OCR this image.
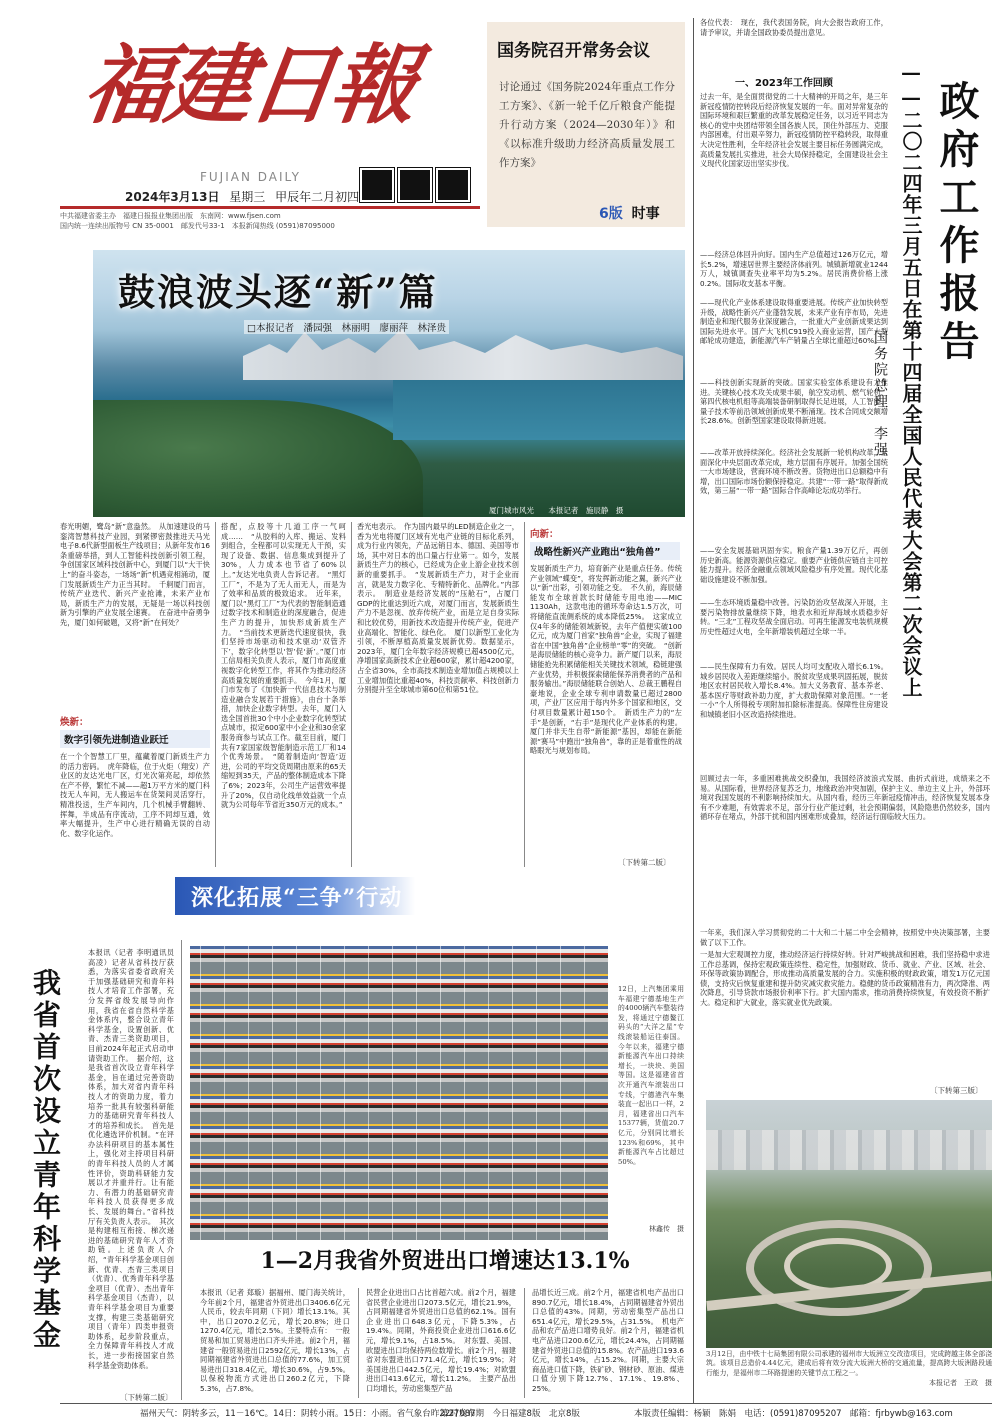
福建日報
FUJIAN DAILY
2024年3月13日 星期三 甲辰年二月初四
中共福建省委主办　福建日报报业集团出版　东南网：www.fjsen.com
国内统一连续出版物号 CN 35-0001　邮发代号33-1　本报新闻热线 (0591)87095000
国务院召开常务会议
讨论通过《国务院2024年重点工作分工方案》、《新一轮千亿斤粮食产能提升行动方案（2024—2030年）》和《以标准升级助力经济高质量发展工作方案》
6版 时事
厦门城市风光 本报记者　施辰静　摄
鼓浪波头逐“新”篇
□本报记者　潘园强　林丽明　廖丽萍　林泽贵
春光明媚，鹭岛“新”意盎然。　从加速建设的马銮湾智慧科技产业园，到紧锣密鼓推进天马光电子8.6代新型面板生产线项目；从新年发布16条重磅举措，到人工智能科技创新引领工程，争创国家区域科技创新中心，到厦门以“大干快上”的奋斗姿态，一场场“新”机遇竞相涌动，厦门发展新质生产力正当其时。　千舸厦门而言，传统产业迭代、新兴产业抢滩，未来产业布局，新质生产力的发展，无疑是一场以科技创新为引擎的产业发展全速赛。　在奋进中奋勇争先，厦门如何破题，又将“新”在何处？
焕新：
数字引领先进制造业跃迁
在一个个智慧工厂里，蕴藏着厦门新质生产力的活力密码。　虎年降临，位于火炬（翔安）产业区的友达光电厂区，灯光次第亮起，却依然在产不停，繁忙不减——超1万平方米的厦门科技无人车间，无人搬运车在货架间灵活穿行，精准投送，生产车间内，几个机械手臂翻转、挥舞，半成品有序流动，工序不同却互通，效率大幅提升，生产中心进行精确无误的自动化、数字化运作。
搭配，点胶等十几道工序一气呵成……　“从胶料的入库、搬运、发料到组合，全程都可以实现无人干预，实现了设备、数据、信息集成到提升了30%，人力成本也节省了60%以上。”友达光电负责人告诉记者。　“黑灯工厂”，不是为了无人而无人，而是为了效率和品质的极致追求。　近年来，厦门以“黑灯工厂”为代表的智能制造通过数字技术和制造业的深度融合，促进生产力的提升，加快形成新质生产力。　“当前技术更新迭代速度很快，我们坚持市场驱动和技术驱动‘双管齐下’，数字化转型以‘智’促‘新’。”厦门市工信局相关负责人表示，厦门市高度重视数字化转型工作，将其作为推动经济高质量发展的重要抓手。　今年1月，厦门市发布了《加快新一代信息技术与制造业融合发展若干措施》，由台十条举措，加快企业数字转型。去年，厦门入选全国首批30个中小企业数字化转型试点城市，拟定600家中小企业和30余家服务商参与试点工作。截至目前，厦门共有7家国家级智能制造示范工厂和14个优秀场景。　“随着制造向‘智造’迈进，公司的平均交货周期由原来的65天缩短到35天，产品的整体制造成本下降了6%；2023年，公司生产运营效率提升了20%，仅自动化线单效益就一个点就为公司每年节省近350万元的成本。”
香光电表示。　作为国内最早的LED制造企业之一，香为光电将厦门区域有光电产业链的目标化系列，成为行业内领先，产品远销日本、德国、美国等市场，其中对日本的出口量占行业第一。如今，发展新质生产力的核心，已经成为企业上游企业技术创新的重要抓手。　“发展新质生产力，对于企业而言，就是发力数字化、专精特新化、品牌化。”内部表示。　制造业是经济发展的“压舱石”，占厦门GDP的比重达到近六成，对厦门而言，发展新质生产力不是忽视、放弃传统产业，而是立足自身实际和比较优势，用新技术改造提升传统产业，促进产业高端化、智能化、绿色化。　厦门以新型工业化为引领，不断厚植高质量发展新优势。数据显示，2023年，厦门全年数字经济规模已超4500亿元，净增国家高新技术企业超600家，累计超4200家，占全省30%，全市高技术制造业增加值占规模以上工业增加值比重超40%，科技贡献率、科技创新力分别提升至全球城市第60位和第51位。
向新：
战略性新兴产业跑出“独角兽”
发展新质生产力，培育新产业是重点任务。传统产业领域“蝶变”，将发挥新动能之翼，新兴产业以“新”出彩，引领功能之变。　不久前，海辰储能发布全球首款长时储能专用电池——MIC 1130Ah，这款电池的循环寿命达1.5万次，可将储能直流侧系统的成本降低25%。　这家成立仅4年多的储能领域新锐，去年产值便实破100亿元，成为厦门首家“独角兽”企业，实现了福建省在中国“独角兽”企业榜单“零”的突破。　“创新是海辰储能的核心竞争力。新产厦门以来，海辰储能抢先积累储能相关关键技术领域，稳链建强产业优势，并积极探索储能保养消费者的产品和服务输出。”海辰储能联合创始人、总裁王鹏程自豪地说，企业全球专利申请数量已超过2800项，产业厂区应用于每内外多个国家和地区，交付项目数量累计超150个。　新质生产力的“左手”是创新，“右手”是现代化产业体系的构建。厦门并非天生自带“新能源”基因，却能在新能源“赛马”中跑出“独角兽”，靠的正是着重性的战略眼光与规划布局。
〔下转第二版〕
深化拓展“三争”行动
我省首次设立青年科学基金
本报讯（记者 李明通讯员 高凌）记者从省科技厅获悉，为落实省委省政府关于加强基础研究和青年科技人才培育工作部署，充分发挥省级发展导向作用，我省在省自然科学基金体系内，整合设立青年科学基金，设置创新、优青、杰青三类资助项目，目前2024年起正式启动申请资助工作。　据介绍，这是我省首次设立青年科学基金，旨在通过完善资助体系，加大对省内青年科技人才的资助力度，着力培养一批具有较强科研能力的基础研究青年科技人才的培养和成长。　首先是优化遴选评价机制。“在评办法科研项目的基本属性上，强化对主持项目科研的青年科技人员的人才属性评价，资助科研能力发展以才并重并行。让有能力、有潜力的基础研究青年科技人员获得更多成长、发展的舞台。”省科技厅有关负责人表示。　其次是构建相互衔接、梯次递进的基础研究青年人才资助链。上述负责人介绍，“青年科学基金项目创新、优青、杰青三类项目（优青）、优秀青年科学基金项目（优青）、杰出青年科学基金项目（杰青），以青年科学基金项目为重要支撑，构建三类基础研究项目（青年）四类申报资助体系，起步阶段重点，全力保障青年科技人才成长，进一步衔接国家自然科学基金资助体系。
〔下转第二版〕
12日，上汽集团乘用车福建宁德基地生产的4000辆汽车整装待发，将通过宁德鳌江码头的“大洋之星”专线滚装船运往泰国。今年以来，福建宁德新能源汽车出口持续增长，一块块、美国等国。这是福建省首次开通汽车滚装出口专线，宁德港汽车集装直一起出口一样，2月，福建省出口汽车15377辆，货值20.7亿元，分别同比增长123%和69%，其中新能源汽车占比超过50%。
林鑫传　摄
1—2月我省外贸进出口增速达13.1%
本报讯（记者 郑璇）据福州、厦门海关统计，今年前2个月，福建省外贸进出口3406.6亿元人民币，较去年同期（下同）增长13.1%。其中，出口2070.2亿元，增长20.8%；进口1270.4亿元，增长2.5%。主要特点有：　一般贸易和加工贸易进出口齐头并进。前2个月，福建省一般贸易进出口2592亿元，增长13%，占同期福建省外贸进出口总值的77.6%，加工贸易进出口318.4亿元，增长30.6%，占9.5%。以保税物流方式进出口260.2亿元，下降5.3%，占7.8%。
民营企业进出口占比首超六成。前2个月，福建省民营企业进出口2073.5亿元，增长21.9%，占同期福建省外贸进出口总值的62.1%。国有企业进出口648.3亿元，下降5.3%，占19.4%。同期，外商投资企业进出口616.6亿元，增长9.1%，占18.5%。　对东盟、美国、欧盟进出口均保持两位数增长。前2个月，福建省对东盟进出口771.4亿元，增长19.9%；对美国进出口442.5亿元，增长19.4%；对欧盟进出口413.6亿元，增长11.2%。　主要产品出口均增长，劳动密集型产品
品增长近三成。前2个月，福建省机电产品出口890.7亿元，增长18.4%，占同期福建省外贸出口总值的43%。同期，劳动密集型产品出口651.4亿元，增长29.5%，占31.5%。　机电产品和农产品进口增势良好。前2个月，福建省机电产品进口200.6亿元，增长24.4%，占同期福建省外贸进口总值的15.8%。农产品进口193.6亿元，增长14%，占15.2%。同期，主要大宗商品进口值下降，铁矿砂、钢材砂、原油、煤进口值分别下降12.7%、17.1%、19.8%、25%。
各位代表：　现在，我代表国务院，向大会报告政府工作，请予审议，并请全国政协委员提出意见。
一、2023年工作回顾
过去一年，是全面贯彻党的二十大精神的开局之年，是三年新冠疫情防控转段后经济恢复发展的一年。面对异常复杂的国际环境和艰巨繁重的改革发展稳定任务，以习近平同志为核心的党中央团结带领全国各族人民，顶住外部压力、克服内部困难，付出艰辛努力，新冠疫情防控平稳转段，取得重大决定性胜利，全年经济社会发展主要目标任务圆满完成，高质量发展扎实推进，社会大局保持稳定，全面建设社会主义现代化国家迈出坚实步伐。
——经济总体回升向好。国内生产总值超过126万亿元，增长5.2%，增速居世界主要经济体前列。城镇新增就业1244万人，城镇调查失业率平均为5.2%。居民消费价格上涨0.2%。国际收支基本平衡。
——现代化产业体系建设取得重要进展。传统产业加快转型升级，战略性新兴产业蓬勃发展，未来产业有序布局，先进制造业和现代服务业深度融合，一批重大产业创新成果达到国际先进水平。国产大飞机C919投入商业运营，国产大型邮轮成功建造，新能源汽车产销量占全球比重超过60%。
——科技创新实现新的突破。国家实验室体系建设有力推进。关键核心技术攻关成果丰硕，航空发动机、燃气轮机、第四代核电机组等高端装备研制取得长足进展，人工智能、量子技术等前沿领域创新成果不断涌现。技术合同成交额增长28.6%。创新型国家建设取得新进展。
——改革开放持续深化。经济社会发展新一轮机构改革，全面深化中央层面改革完成，地方层面有序展开。加强全国统一大市场建设，营商环境不断改善。货物进出口总额稳中有增，出口国际市场份额保持稳定。共建“一带一路”取得新成效，第三届“一带一路”国际合作高峰论坛成功举行。
——安全发展基础巩固夯实。粮食产量1.39万亿斤，再创历史新高。能源资源供应稳定。重要产业链供应链自主可控能力提升。经济金融重点领域风险稳步有序处置。现代化基础设施建设不断加强。
——生态环境质量稳中改善。污染防治攻坚战深入开展，主要污染物排放量继续下降，地表水和近岸海域水质稳步好转。“三北”工程攻坚战全面启动。可再生能源发电装机规模历史性超过火电，全年新增装机超过全球一半。
——民生保障有力有效。居民人均可支配收入增长6.1%。城乡居民收入差距继续缩小。脱贫攻坚成果巩固拓展，脱贫地区农村居民收入增长8.4%。加大义务教育、基本养老、基本医疗等财政补助力度，扩大救助保障对象范围。“一老一小”个人所得税专项附加扣除标准提高。保障性住房建设和城镇老旧小区改造持续推进。
政府工作报告
——二〇二四年三月五日在第十四届全国人民代表大会第二次会议上
国务院总理　李强
回顾过去一年，多重困难挑战交织叠加，我国经济波浪式发展、曲折式前进，成绩来之不易。从国际看，世界经济复苏乏力，地缘政治冲突加剧，保护主义、单边主义上升，外部环境对我国发展的不利影响持续加大。从国内看，经历三年新冠疫情冲击，经济恢复发展本身有不少难题，有效需求不足，部分行业产能过剩，社会预期偏弱，风险隐患仍然较多，国内循环存在堵点，外部干扰和国内困难形成叠加，经济运行面临较大压力。
一年来，我们深入学习贯彻党的二十大和二十届二中全会精神，按照党中央决策部署，主要做了以下工作。
一是加大宏观调控力度，推动经济运行持续好转。针对严峻挑战和困难，我们坚持稳中求进工作总基调，保持宏观政策连续性、稳定性，加强财政、货币、就业、产业、区域、社会、环保等政策协调配合，形成推动高质量发展的合力。实施积极的财政政策，增发1万亿元国债，支持灾后恢复重建和提升防灾减灾救灾能力。稳健的货币政策精准有力，两次降准、两次降息，引导贷款市场报价利率下行。扩大国内需求，推动消费持续恢复，有效投资不断扩大。稳定和扩大就业，落实就业优先政策。
〔下转第三版〕
3月12日，由中铁十七局集团有限公司承建的福州市大坂洲立交改造项目，完成跨越主体全部浇筑。该项目总造价4.44亿元，建成后将有效分流大坂洲大桥的交通流量，提高跨大坂洲路段通行能力，是福州市二环路提速的关键节点工程之一。
本报记者　王政　摄
福州天气：阴转多云，11－16℃。14日：阴转小雨。15日：小雨。省气象台昨22时发布
第27087期　今日福建8版　北京8版	本版责任编辑：杨颖　陈娟　电话：(0591)87095207　邮箱：fjrbywb@163.com
